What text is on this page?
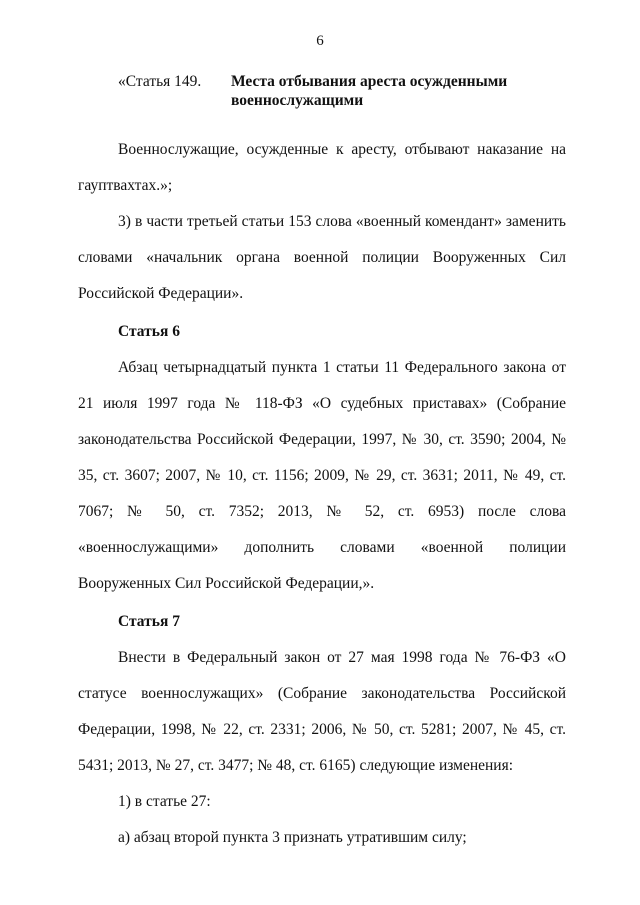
6
«Статья 149.	Места отбывания ареста осужденными военнослужащими

Военнослужащие, осужденные к аресту, отбывают наказание на гауптвахтах.»;

3) в части третьей статьи 153 слова «военный комендант» заменить словами «начальник органа военной полиции Вооруженных Сил Российской Федерации».

Статья 6

Абзац четырнадцатый пункта 1 статьи 11 Федерального закона от 21 июля 1997 года № 118-ФЗ «О судебных приставах» (Собрание законодательства Российской Федерации, 1997, № 30, ст. 3590; 2004, № 35, ст. 3607; 2007, № 10, ст. 1156; 2009, № 29, ст. 3631; 2011, № 49, ст. 7067; № 50, ст. 7352; 2013, № 52, ст. 6953) после слова «военнослужащими» дополнить словами «военной полиции Вооруженных Сил Российской Федерации,».

Статья 7

Внести в Федеральный закон от 27 мая 1998 года № 76-ФЗ «О статусе военнослужащих» (Собрание законодательства Российской Федерации, 1998, № 22, ст. 2331; 2006, № 50, ст. 5281; 2007, № 45, ст. 5431; 2013, № 27, ст. 3477; № 48, ст. 6165) следующие изменения:

1) в статье 27:

а) абзац второй пункта 3 признать утратившим силу;
